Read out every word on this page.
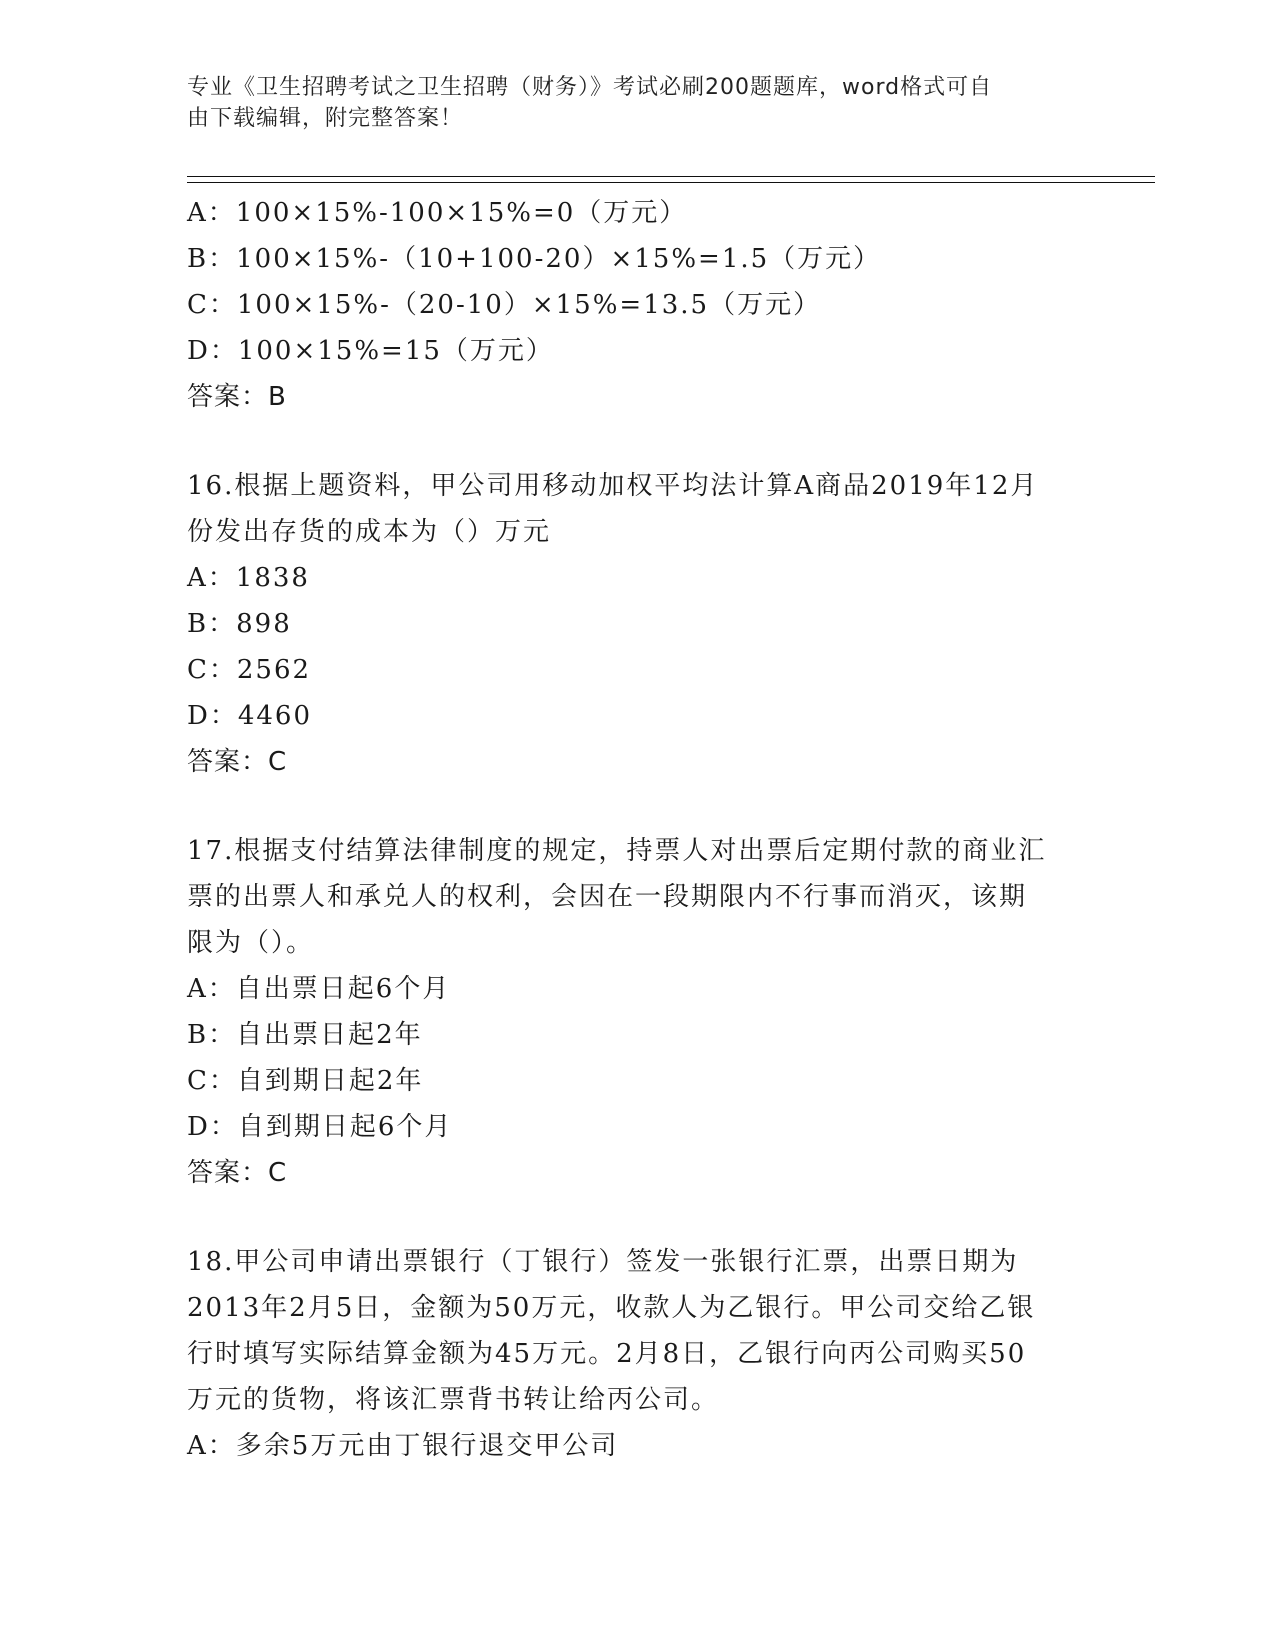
专业《卫生招聘考试之卫生招聘（财务）》考试必刷200题题库，word格式可自
由下载编辑，附完整答案！
A：100×15%-100×15%=0（万元）
B：100×15%-（10+100-20）×15%=1.5（万元）
C：100×15%-（20-10）×15%=13.5（万元）
D：100×15%=15（万元）
答案：B
16.根据上题资料，甲公司用移动加权平均法计算A商品2019年12月
份发出存货的成本为（）万元
A：1838
B：898
C：2562
D：4460
答案：C
17.根据支付结算法律制度的规定，持票人对出票后定期付款的商业汇
票的出票人和承兑人的权利，会因在一段期限内不行事而消灭，该期
限为（）。
A：自出票日起6个月
B：自出票日起2年
C：自到期日起2年
D：自到期日起6个月
答案：C
18.甲公司申请出票银行（丁银行）签发一张银行汇票，出票日期为
2013年2月5日，金额为50万元，收款人为乙银行。甲公司交给乙银
行时填写实际结算金额为45万元。2月8日，乙银行向丙公司购买50
万元的货物，将该汇票背书转让给丙公司。
A：多余5万元由丁银行退交甲公司
